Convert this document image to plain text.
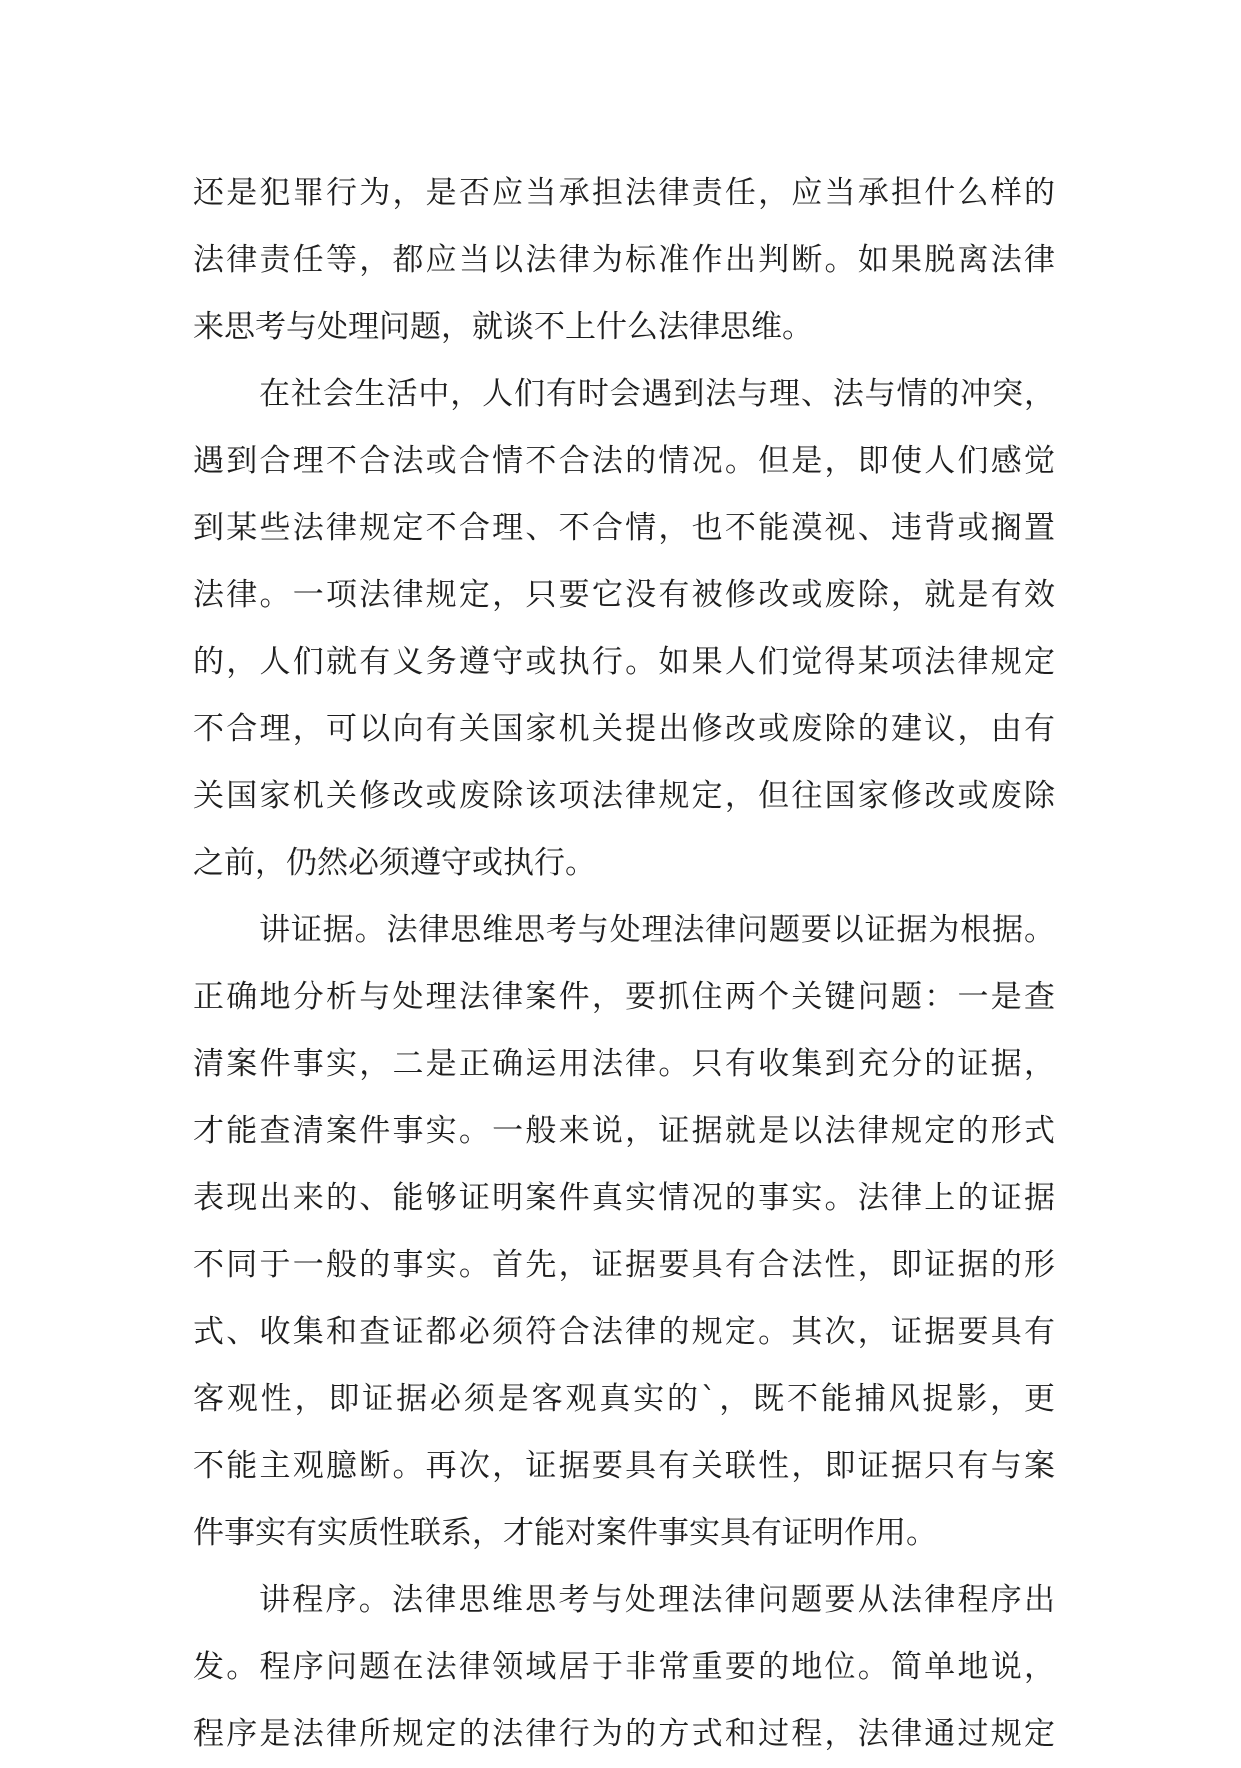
还是犯罪行为，是否应当承担法律责任，应当承担什么样的
法律责任等，都应当以法律为标准作出判断。如果脱离法律
来思考与处理问题，就谈不上什么法律思维。
在社会生活中，人们有时会遇到法与理、法与情的冲突，
遇到合理不合法或合情不合法的情况。但是，即使人们感觉
到某些法律规定不合理、不合情，也不能漠视、违背或搁置
法律。一项法律规定，只要它没有被修改或废除，就是有效
的，人们就有义务遵守或执行。如果人们觉得某项法律规定
不合理，可以向有关国家机关提出修改或废除的建议，由有
关国家机关修改或废除该项法律规定，但往国家修改或废除
之前，仍然必须遵守或执行。
讲证据。法律思维思考与处理法律问题要以证据为根据。
正确地分析与处理法律案件，要抓住两个关键问题：一是查
清案件事实，二是正确运用法律。只有收集到充分的证据，
才能查清案件事实。一般来说，证据就是以法律规定的形式
表现出来的、能够证明案件真实情况的事实。法律上的证据
不同于一般的事实。首先，证据要具有合法性，即证据的形
式、收集和查证都必须符合法律的规定。其次，证据要具有
客观性，即证据必须是客观真实的`，既不能捕风捉影，更
不能主观臆断。再次，证据要具有关联性，即证据只有与案
件事实有实质性联系，才能对案件事实具有证明作用。
讲程序。法律思维思考与处理法律问题要从法律程序出
发。程序问题在法律领域居于非常重要的地位。简单地说，
程序是法律所规定的法律行为的方式和过程，法律通过规定
